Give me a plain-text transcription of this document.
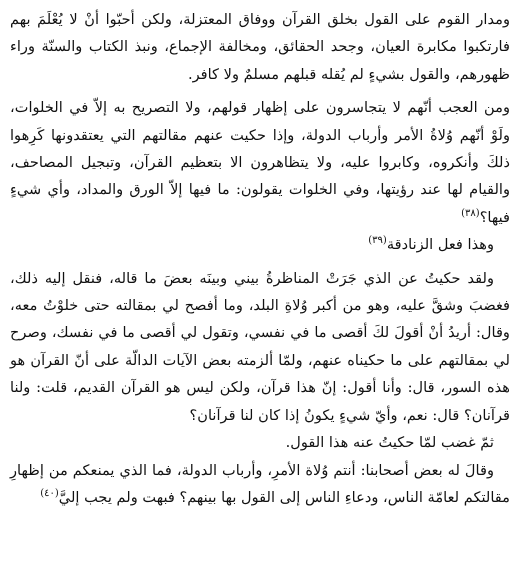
ومدار القوم على القول بخلق القرآن ووفاق المعتزلة، ولكن أحبّوا أنْ لا يُعْلَمَ بهم فارتكبوا مكابرة العيان، وجحد الحقائق، ومخالفة الإجماع، ونبذ الكتاب والسنّة وراء ظهورهم، والقول بشيءٍ لم يُقله قبلهم مسلمٌ ولا كافر.

ومن العجب أنّهم لا يتجاسرون على إظهار قولهم، ولا التصريح به إلاّ في الخلوات، ولَوْ أنّهم وُلاةُ الأمر وأرباب الدولة، وإذا حكيت عنهم مقالتهم التي يعتقدونها كَرِهوا ذلكَ وأنكروه، وكابروا عليه، ولا يتظاهرون الا بتعظيم القرآن، وتبجيل المصاحف، والقيام لها عند رؤيتها، وفي الخلوات يقولون: ما فيها إلاّ الورق والمداد، وأي شيءٍ فيها؟$^{(٣٨)}$

وهذا فعل الزنادقة$^{(٣٩)}$

ولقد حكيتُ عن الذي جَرَتْ المناظرةُ بيني وبينَه بعضَ ما قاله، فنقل إليه ذلك، فغضبَ وشقَّ عليه، وهو من أكبر وُلاةِ البلد، وما أفصح لي بمقالته حتى خلوْتُ معه، وقال: أريدُ أنْ أقولَ لكَ أقصى ما في نفسي، وتقول لي أقصى ما في نفسك، وصرح لي بمقالتهم على ما حكيناه عنهم، ولمّا ألزمته بعض الآيات الدالّة على أنّ القرآن هو هذه السور، قال: وأنا أقول: إنّ هذا قرآن، ولكن ليس هو القرآن القديم، قلت: ولنا قرآنان؟ قال: نعم، وأيّ شيءٍ يكونُ إذا كان لنا قرآنان؟

ثمّ غضب لمّا حكيتُ عنه هذا القول.

وقالَ له بعض أصحابنا: أنتم وُلاة الأمرِ، وأرباب الدولة، فما الذي يمنعكم من إظهارِ مقالتكم لعامّة الناس، ودعاءِ الناس إلى القول بها بينهم؟ فبهت ولم يجب إليَّ$^{(٤٠)}$
